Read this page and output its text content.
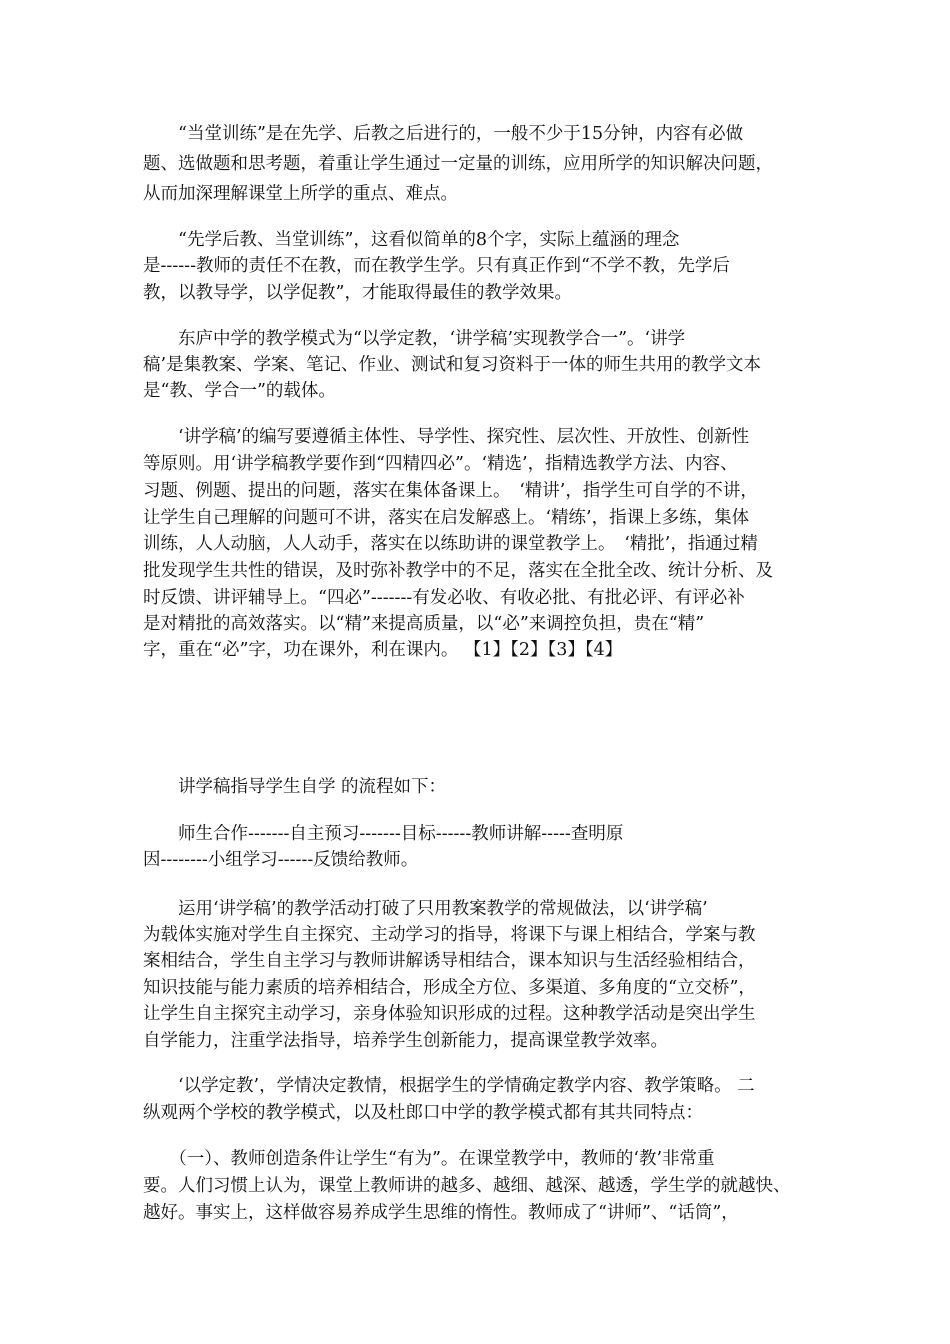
　　“当堂训练”是在先学、后教之后进行的，一般不少于15分钟，内容有必做
题、选做题和思考题，着重让学生通过一定量的训练，应用所学的知识解决问题，
从而加深理解课堂上所学的重点、难点。
　　“先学后教、当堂训练”，这看似简单的8个字，实际上蕴涵的理念
是------教师的责任不在教，而在教学生学。只有真正作到“不学不教，先学后
教，以教导学，以学促教”，才能取得最佳的教学效果。
　　东庐中学的教学模式为“以学定教，‘讲学稿’实现教学合一”。‘讲学
稿’是集教案、学案、笔记、作业、测试和复习资料于一体的师生共用的教学文本
是“教、学合一”的载体。
　　‘讲学稿’的编写要遵循主体性、导学性、探究性、层次性、开放性、创新性
等原则。用‘讲学稿教学要作到“四精四必”。‘精选’，指精选教学方法、内容、
习题、例题、提出的问题，落实在集体备课上。　‘精讲’，指学生可自学的不讲，
让学生自己理解的问题可不讲，落实在启发解惑上。‘精练’，指课上多练，集体
训练，人人动脑，人人动手，落实在以练助讲的课堂教学上。　‘精批’，指通过精
批发现学生共性的错误，及时弥补教学中的不足，落实在全批全改、统计分析、及
时反馈、讲评辅导上。“四必”-------有发必收、有收必批、有批必评、有评必补
是对精批的高效落实。以“精”来提高质量，以“必”来调控负担，贵在“精”
字，重在“必”字，功在课外，利在课内。 【1】【2】【3】【4】
　　讲学稿指导学生自学 的流程如下：
　　师生合作-------自主预习-------目标------教师讲解-----查明原
因--------小组学习------反馈给教师。
　　运用‘讲学稿’的教学活动打破了只用教案教学的常规做法，以‘讲学稿’
为载体实施对学生自主探究、主动学习的指导，将课下与课上相结合，学案与教
案相结合，学生自主学习与教师讲解诱导相结合，课本知识与生活经验相结合，
知识技能与能力素质的培养相结合，形成全方位、多渠道、多角度的“立交桥”，
让学生自主探究主动学习，亲身体验知识形成的过程。这种教学活动是突出学生
自学能力，注重学法指导，培养学生创新能力，提高课堂教学效率。
　　‘以学定教’，学情决定教情，根据学生的学情确定教学内容、教学策略。 二
纵观两个学校的教学模式，以及杜郎口中学的教学模式都有其共同特点：
　　（一）、教师创造条件让学生“有为”。在课堂教学中，教师的‘教’非常重
要。人们习惯上认为，课堂上教师讲的越多、越细、越深、越透，学生学的就越快、
越好。事实上，这样做容易养成学生思维的惰性。教师成了“讲师”、“话筒”，
